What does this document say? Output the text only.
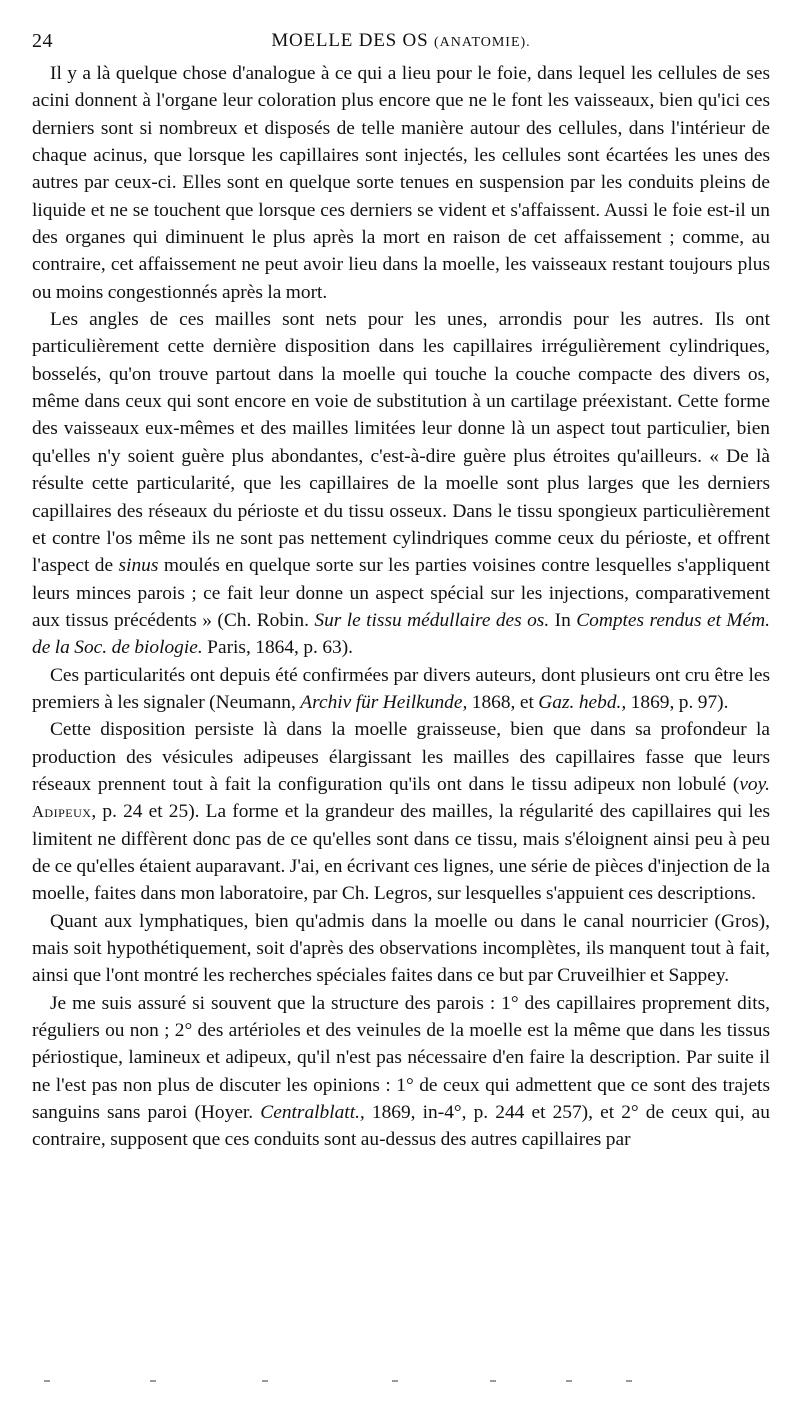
24	MOELLE DES OS (ANATOMIE).

Il y a là quelque chose d'analogue à ce qui a lieu pour le foie, dans lequel les cellules de ses acini donnent à l'organe leur coloration plus encore que ne le font les vaisseaux, bien qu'ici ces derniers sont si nombreux et disposés de telle manière autour des cellules, dans l'intérieur de chaque acinus, que lorsque les capillaires sont injectés, les cellules sont écartées les unes des autres par ceux-ci. Elles sont en quelque sorte tenues en suspension par les conduits pleins de liquide et ne se touchent que lorsque ces derniers se vident et s'affaissent. Aussi le foie est-il un des organes qui diminuent le plus après la mort en raison de cet affaissement ; comme, au contraire, cet affaissement ne peut avoir lieu dans la moelle, les vaisseaux restant toujours plus ou moins congestionnés après la mort.

Les angles de ces mailles sont nets pour les unes, arrondis pour les autres. Ils ont particulièrement cette dernière disposition dans les capillaires irrégulièrement cylindriques, bosselés, qu'on trouve partout dans la moelle qui touche la couche compacte des divers os, même dans ceux qui sont encore en voie de substitution à un cartilage préexistant. Cette forme des vaisseaux eux-mêmes et des mailles limitées leur donne là un aspect tout particulier, bien qu'elles n'y soient guère plus abondantes, c'est-à-dire guère plus étroites qu'ailleurs. « De là résulte cette particularité, que les capillaires de la moelle sont plus larges que les derniers capillaires des réseaux du périoste et du tissu osseux. Dans le tissu spongieux particulièrement et contre l'os même ils ne sont pas nettement cylindriques comme ceux du périoste, et offrent l'aspect de sinus moulés en quelque sorte sur les parties voisines contre lesquelles s'appliquent leurs minces parois ; ce fait leur donne un aspect spécial sur les injections, comparativement aux tissus précédents » (Ch. Robin. Sur le tissu médullaire des os. In Comptes rendus et Mém. de la Soc. de biologie. Paris, 1864, p. 63).

Ces particularités ont depuis été confirmées par divers auteurs, dont plusieurs ont cru être les premiers à les signaler (Neumann, Archiv für Heilkunde, 1868, et Gaz. hebd., 1869, p. 97).

Cette disposition persiste là dans la moelle graisseuse, bien que dans sa profondeur la production des vésicules adipeuses élargissant les mailles des capillaires fasse que leurs réseaux prennent tout à fait la configuration qu'ils ont dans le tissu adipeux non lobulé (voy. Adipeux, p. 24 et 25). La forme et la grandeur des mailles, la régularité des capillaires qui les limitent ne diffèrent donc pas de ce qu'elles sont dans ce tissu, mais s'éloignent ainsi peu à peu de ce qu'elles étaient auparavant. J'ai, en écrivant ces lignes, une série de pièces d'injection de la moelle, faites dans mon laboratoire, par Ch. Legros, sur lesquelles s'appuient ces descriptions.

Quant aux lymphatiques, bien qu'admis dans la moelle ou dans le canal nourricier (Gros), mais soit hypothétiquement, soit d'après des observations incomplètes, ils manquent tout à fait, ainsi que l'ont montré les recherches spéciales faites dans ce but par Cruveilhier et Sappey.

Je me suis assuré si souvent que la structure des parois : 1° des capillaires proprement dits, réguliers ou non ; 2° des artérioles et des veinules de la moelle est la même que dans les tissus périostique, lamineux et adipeux, qu'il n'est pas nécessaire d'en faire la description. Par suite il ne l'est pas non plus de discuter les opinions : 1° de ceux qui admettent que ce sont des trajets sanguins sans paroi (Hoyer. Centralblatt., 1869, in-4°, p. 244 et 257), et 2° de ceux qui, au contraire, supposent que ces conduits sont au-dessus des autres capillaires par
